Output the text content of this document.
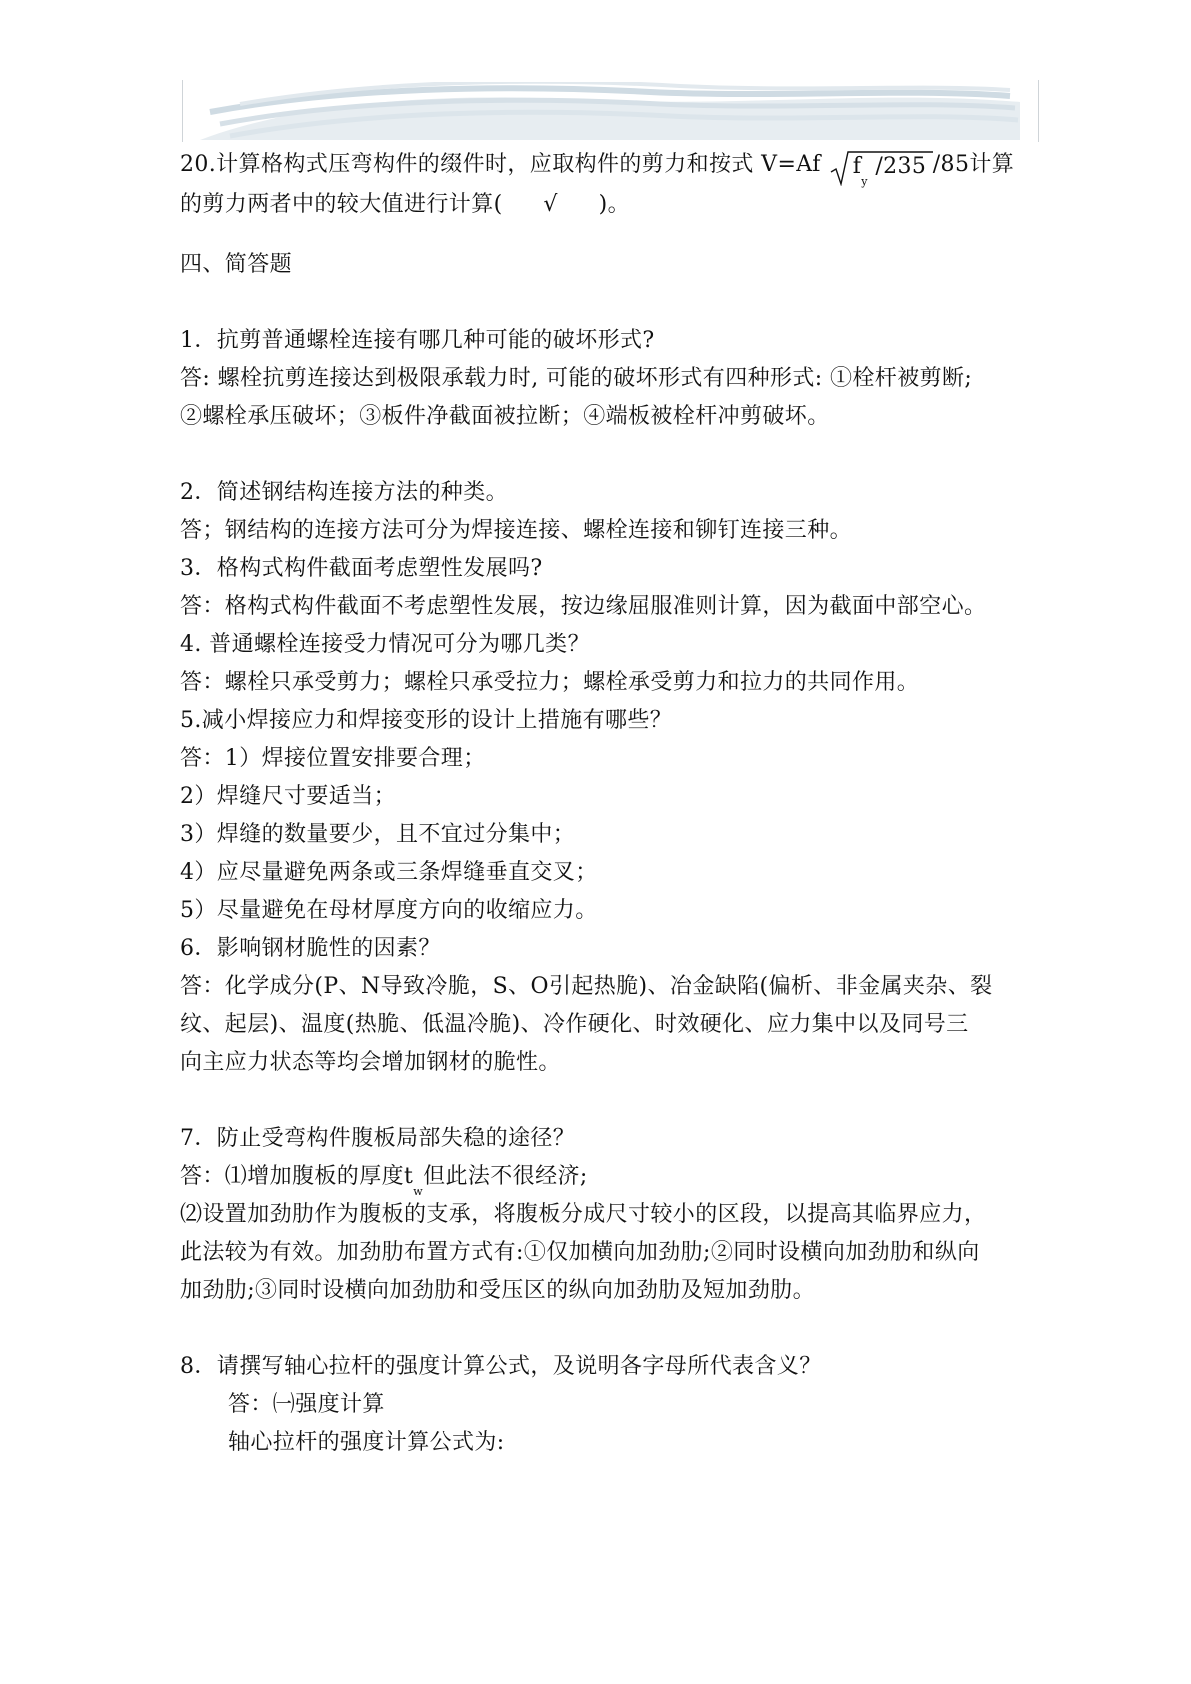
20.计算格构式压弯构件的缀件时，应取构件的剪力和按式 V=Af $f_y$ /235 /85计算
的剪力两者中的较大值进行计算( √ )。
四、简答题
1．抗剪普通螺栓连接有哪几种可能的破坏形式?
答: 螺栓抗剪连接达到极限承载力时, 可能的破坏形式有四种形式: ①栓杆被剪断;
②螺栓承压破坏；③板件净截面被拉断；④端板被栓杆冲剪破坏。
2．简述钢结构连接方法的种类。
答；钢结构的连接方法可分为焊接连接、螺栓连接和铆钉连接三种。
3．格构式构件截面考虑塑性发展吗?
答：格构式构件截面不考虑塑性发展，按边缘屈服准则计算，因为截面中部空心。
4. 普通螺栓连接受力情况可分为哪几类？
答：螺栓只承受剪力；螺栓只承受拉力；螺栓承受剪力和拉力的共同作用。
5.减小焊接应力和焊接变形的设计上措施有哪些？
答：1）焊接位置安排要合理；
2）焊缝尺寸要适当；
3）焊缝的数量要少，且不宜过分集中；
4）应尽量避免两条或三条焊缝垂直交叉；
5）尽量避免在母材厚度方向的收缩应力。
6．影响钢材脆性的因素？
答：化学成分(P、N导致冷脆，S、O引起热脆)、冶金缺陷(偏析、非金属夹杂、裂
纹、起层)、温度(热脆、低温冷脆)、冷作硬化、时效硬化、应力集中以及同号三
向主应力状态等均会增加钢材的脆性。
7．防止受弯构件腹板局部失稳的途径？
答：⑴增加腹板的厚度$t_w$但此法不很经济;
⑵设置加劲肋作为腹板的支承，将腹板分成尺寸较小的区段，以提高其临界应力，
此法较为有效。加劲肋布置方式有:①仅加横向加劲肋;②同时设横向加劲肋和纵向
加劲肋;③同时设横向加劲肋和受压区的纵向加劲肋及短加劲肋。
8．请撰写轴心拉杆的强度计算公式，及说明各字母所代表含义？
答：㈠强度计算
轴心拉杆的强度计算公式为:
